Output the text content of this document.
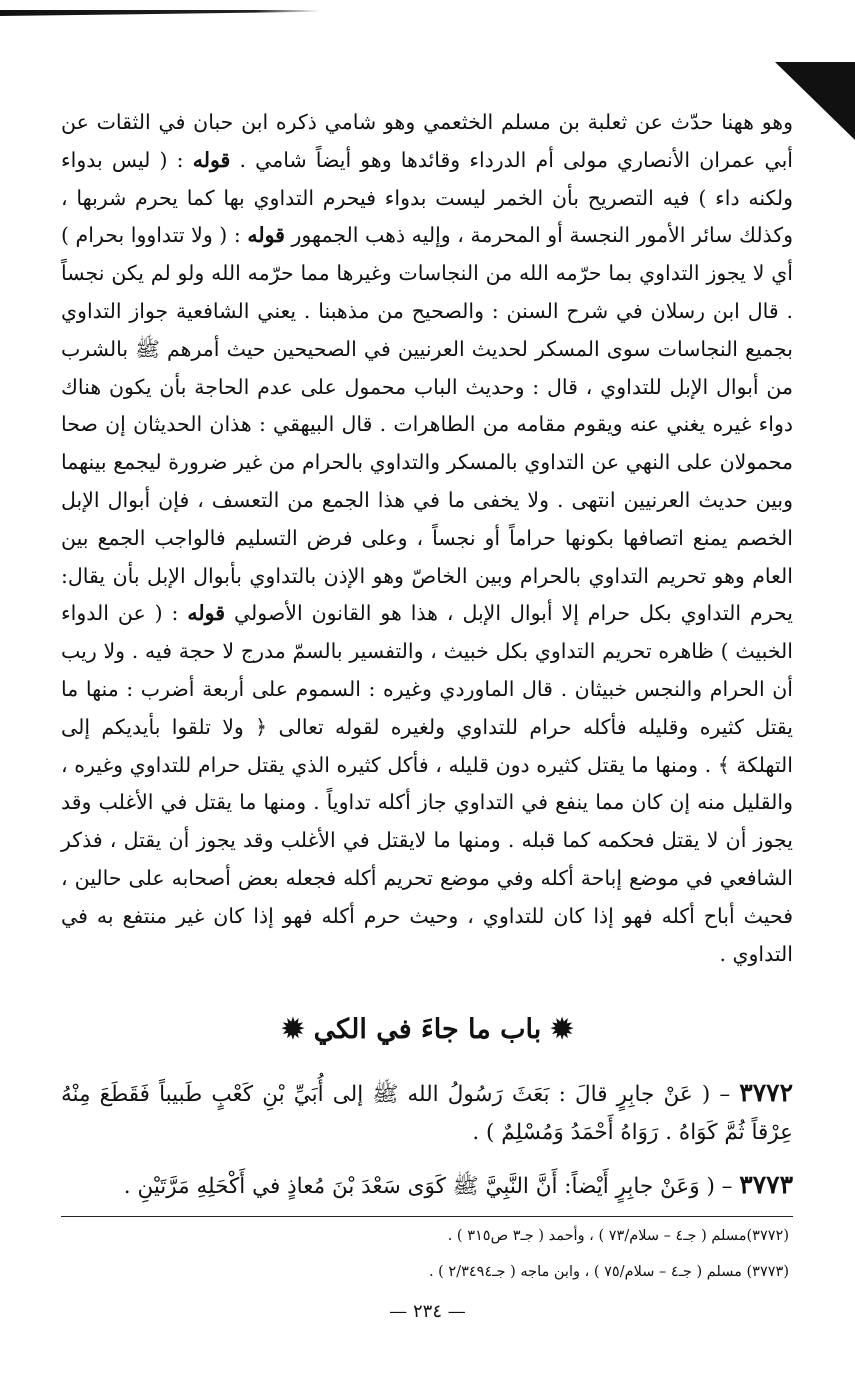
وهو ههنا حدّث عن ثعلبة بن مسلم الخثعمي وهو شامي ذكره ابن حبان في الثقات عن أبي عمران الأنصاري مولى أم الدرداء وقائدها وهو أيضاً شامي . قوله : ( ليس بدواء ولكنه داء ) فيه التصريح بأن الخمر ليست بدواء فيحرم التداوي بها كما يحرم شربها ، وكذلك سائر الأمور النجسة أو المحرمة ، وإليه ذهب الجمهور قوله : ( ولا تتداووا بحرام ) أي لا يجوز التداوي بما حرّمه الله من النجاسات وغيرها مما حرّمه الله ولو لم يكن نجساً . قال ابن رسلان في شرح السنن : والصحيح من مذهبنا . يعني الشافعية جواز التداوي بجميع النجاسات سوى المسكر لحديث العرنيين في الصحيحين حيث أمرهم ﷺ بالشرب من أبوال الإبل للتداوي ، قال : وحديث الباب محمول على عدم الحاجة بأن يكون هناك دواء غيره يغني عنه ويقوم مقامه من الطاهرات . قال البيهقي : هذان الحديثان إن صحا محمولان على النهي عن التداوي بالمسكر والتداوي بالحرام من غير ضرورة ليجمع بينهما وبين حديث العرنيين انتهى . ولا يخفى ما في هذا الجمع من التعسف ، فإن أبوال الإبل الخصم يمنع اتصافها بكونها حراماً أو نجساً ، وعلى فرض التسليم فالواجب الجمع بين العام وهو تحريم التداوي بالحرام وبين الخاصّ وهو الإذن بالتداوي بأبوال الإبل بأن يقال: يحرم التداوي بكل حرام إلا أبوال الإبل ، هذا هو القانون الأصولي قوله : ( عن الدواء الخبيث ) ظاهره تحريم التداوي بكل خبيث ، والتفسير بالسمّ مدرج لا حجة فيه . ولا ريب أن الحرام والنجس خبيثان . قال الماوردي وغيره : السموم على أربعة أضرب : منها ما يقتل كثيره وقليله فأكله حرام للتداوي ولغيره لقوله تعالى ﴿ ولا تلقوا بأيديكم إلى التهلكة ﴾ . ومنها ما يقتل كثيره دون قليله ، فأكل كثيره الذي يقتل حرام للتداوي وغيره ، والقليل منه إن كان مما ينفع في التداوي جاز أكله تداوياً . ومنها ما يقتل في الأغلب وقد يجوز أن لا يقتل فحكمه كما قبله . ومنها ما لايقتل في الأغلب وقد يجوز أن يقتل ، فذكر الشافعي في موضع إباحة أكله وفي موضع تحريم أكله فجعله بعض أصحابه على حالين ، فحيث أباح أكله فهو إذا كان للتداوي ، وحيث حرم أكله فهو إذا كان غير منتفع به في التداوي .

✹ باب ما جاءَ في الكي ✹
٣٧٧٢ – ( عَنْ جابِرٍ قالَ : بَعَثَ رَسُولُ الله ﷺ إلى أُبَيِّ بْنِ كَعْبٍ طَبيباً فَقَطَعَ مِنْهُ عِرْقاً ثُمَّ كَوَاهُ . رَوَاهُ أَحْمَدُ وَمُسْلِمٌ ) .
٣٧٧٣ – ( وَعَنْ جابِرٍ أَيْضاً: أَنَّ النَّبِيَّ ﷺ كَوَى سَعْدَ بْنَ مُعاذٍ في أَكْحَلِهِ مَرَّتَيْنِ .
(٣٧٧٢)مسلم ( جـ٤ – سلام/٧٣ ) ، وأحمد ( جـ٣ ص٣١٥ ) .
(٣٧٧٣) مسلم ( جـ٤ – سلام/٧٥ ) ، وابن ماجه ( جـ٢/٣٤٩٤ ) .
— ٢٣٤ —
